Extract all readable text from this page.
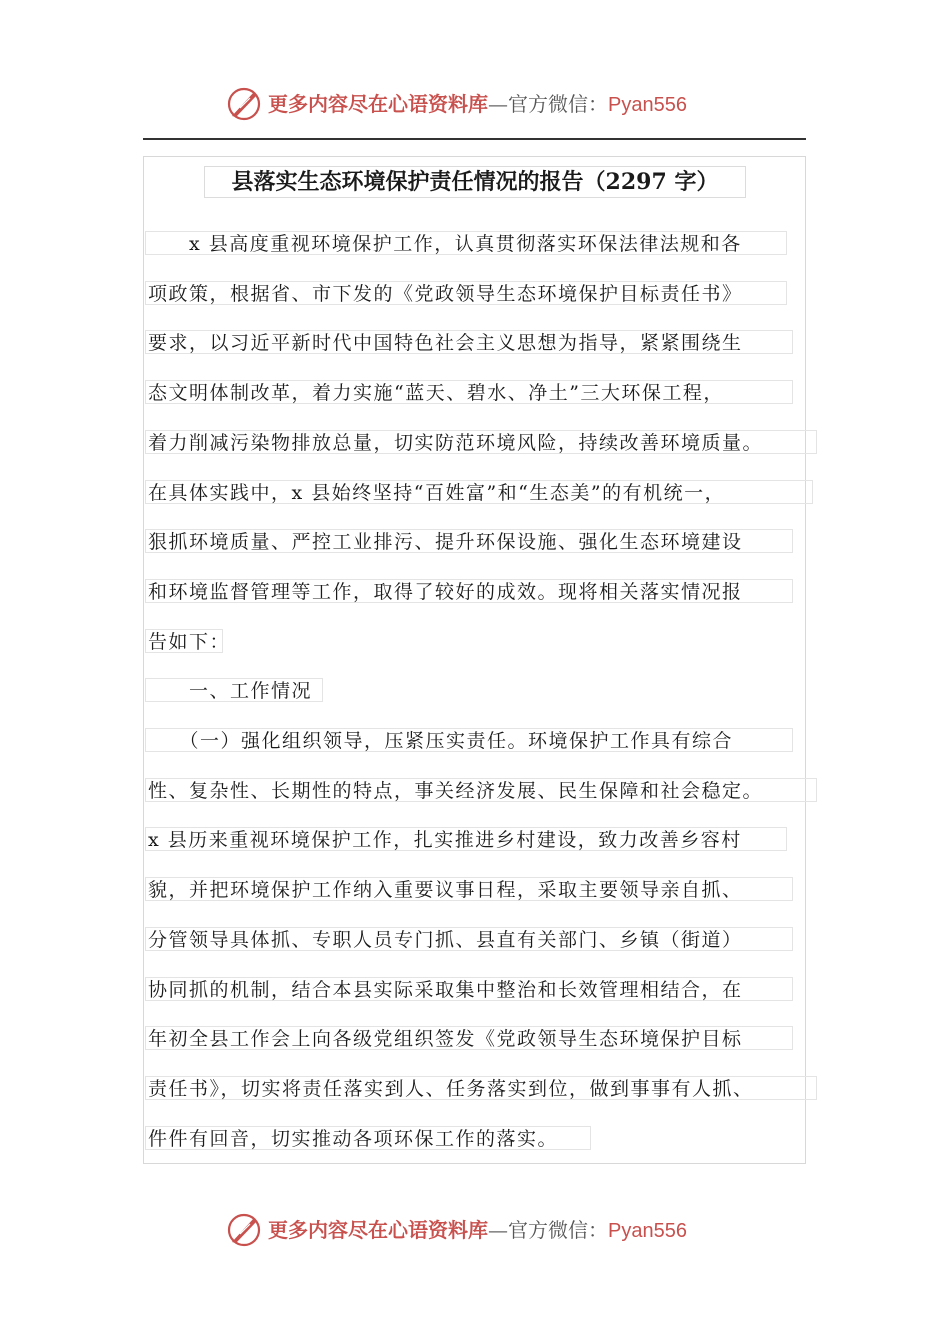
更多内容尽在心语资料库—官方微信：Pyan556
县落实生态环境保护责任情况的报告（2297 字）
　　x 县高度重视环境保护工作，认真贯彻落实环保法律法规和各
项政策，根据省、市下发的《党政领导生态环境保护目标责任书》
要求，以习近平新时代中国特色社会主义思想为指导，紧紧围绕生
态文明体制改革，着力实施“蓝天、碧水、净土”三大环保工程，
着力削减污染物排放总量，切实防范环境风险，持续改善环境质量。
在具体实践中，x 县始终坚持“百姓富”和“生态美”的有机统一，
狠抓环境质量、严控工业排污、提升环保设施、强化生态环境建设
和环境监督管理等工作，取得了较好的成效。现将相关落实情况报
告如下：
　　一、工作情况
　　（一）强化组织领导，压紧压实责任。环境保护工作具有综合
性、复杂性、长期性的特点，事关经济发展、民生保障和社会稳定。
x 县历来重视环境保护工作，扎实推进乡村建设，致力改善乡容村
貌，并把环境保护工作纳入重要议事日程，采取主要领导亲自抓、
分管领导具体抓、专职人员专门抓、县直有关部门、乡镇（街道）
协同抓的机制，结合本县实际采取集中整治和长效管理相结合，在
年初全县工作会上向各级党组织签发《党政领导生态环境保护目标
责任书》，切实将责任落实到人、任务落实到位，做到事事有人抓、
件件有回音，切实推动各项环保工作的落实。
更多内容尽在心语资料库—官方微信：Pyan556
